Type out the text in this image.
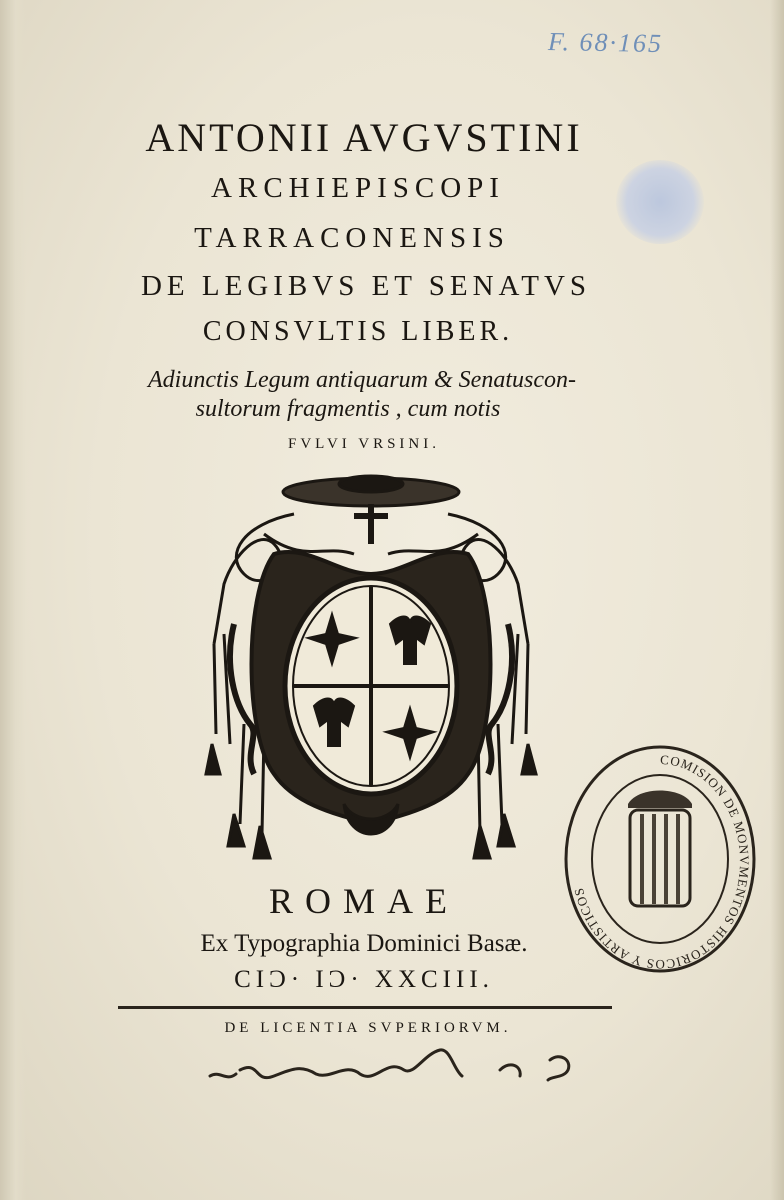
F. 68·165
ANTONII AVGVSTINI
ARCHIEPISCOPI
TARRACONENSIS
DE LEGIBVS ET SENATVS
CONSVLTIS LIBER.
Adiunctis Legum antiquarum & Senatuscon-
sultorum fragmentis , cum notis
FVLVI VRSINI.
ROMAE
Ex Typographia Dominici Basæ.
CIϽ· IϽ· XXCIII.
DE LICENTIA SVPERIORVM.
COMISION DE MONVMENTOS HISTORICOS Y ARTISTICOS
